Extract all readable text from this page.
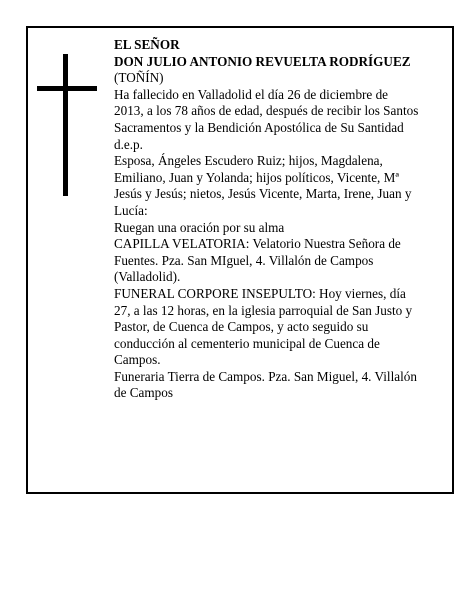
EL SEÑOR

DON JULIO ANTONIO REVUELTA RODRÍGUEZ

(TOÑÍN)

Ha fallecido en Valladolid el día 26 de diciembre de 2013, a los 78 años de edad, después de recibir los Santos Sacramentos y la Bendición Apostólica de Su Santidad

d.e.p.

Esposa, Ángeles Escudero Ruiz; hijos, Magdalena, Emiliano, Juan y Yolanda; hijos políticos, Vicente, Mª Jesús y Jesús; nietos, Jesús Vicente, Marta, Irene, Juan y Lucía:

Ruegan una oración por su alma

CAPILLA VELATORIA: Velatorio Nuestra Señora de Fuentes. Pza. San MIguel, 4. Villalón de Campos (Valladolid).

FUNERAL CORPORE INSEPULTO: Hoy viernes, día 27, a las 12 horas, en la iglesia parroquial de San Justo y Pastor, de Cuenca de Campos, y acto seguido su conducción al cementerio municipal de Cuenca de Campos.

Funeraria Tierra de Campos. Pza. San Miguel, 4. Villalón de Campos
